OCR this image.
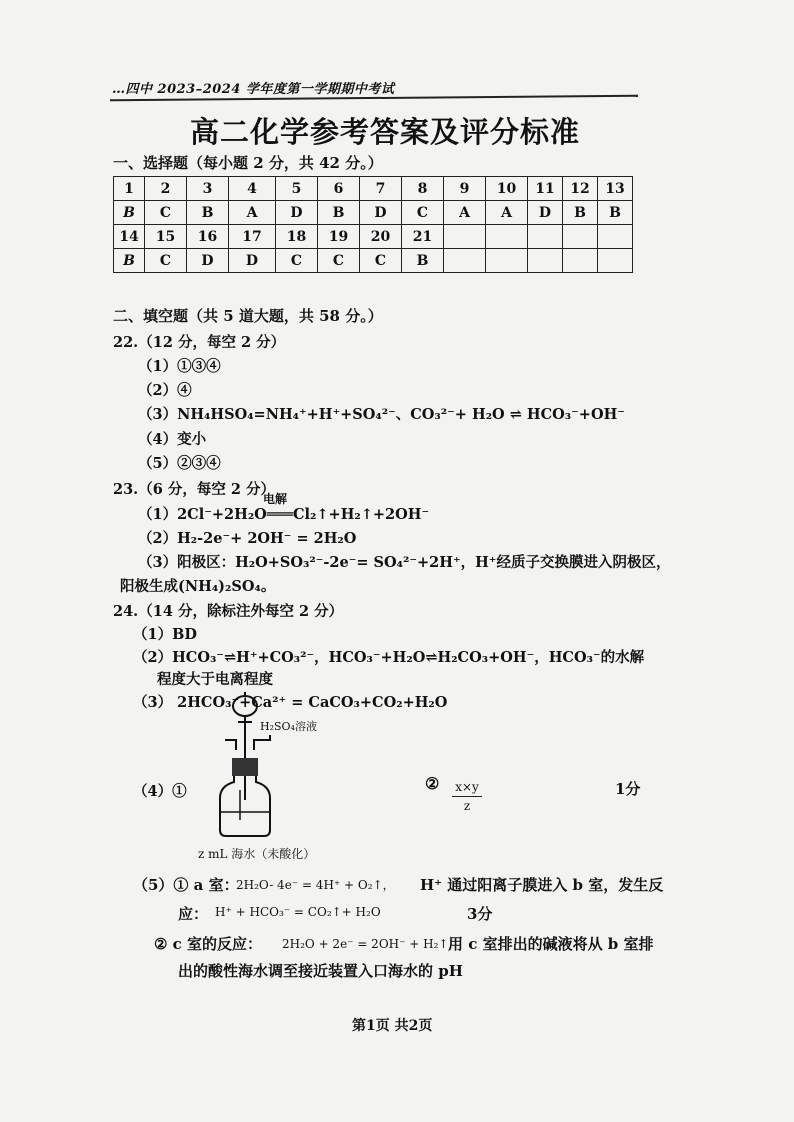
…四中 2023–2024 学年度第一学期期中考试
高二化学参考答案及评分标准
一、选择题（每小题 2 分，共 42 分。）
1	2	3	4	5	6	7	8	9	10	11	12	13
B	C	B	A	D	B	D	C	A	A	D	B	B
14	15	16	17	18	19	20	21					
B	C	D	D	C	C	C	B					
二、填空题（共 5 道大题，共 58 分。）
22.（12 分，每空 2 分）
（1）①③④
（2）④
（3）NH₄HSO₄=NH₄⁺+H⁺+SO₄²⁻、CO₃²⁻+ H₂O ⇌ HCO₃⁻+OH⁻
（4）变小
（5）②③④
23.（6 分，每空 2 分）
电解
（1）2Cl⁻+2H₂O═══Cl₂↑+H₂↑+2OH⁻
（2）H₂-2e⁻+ 2OH⁻ = 2H₂O
（3）阳极区：H₂O+SO₃²⁻-2e⁻= SO₄²⁻+2H⁺，H⁺经质子交换膜进入阴极区，
阳极生成(NH₄)₂SO₄。
24.（14 分，除标注外每空 2 分）
（1）BD
（2）HCO₃⁻⇌H⁺+CO₃²⁻，HCO₃⁻+H₂O⇌H₂CO₃+OH⁻，HCO₃⁻的水解
程度大于电离程度
（3） 2HCO₃⁻+Ca²⁺ = CaCO₃+CO₂+H₂O
（4）①
H₂SO₄溶液
z mL 海水（未酸化）
② x×y
z
1分
（5）① a 室：
2H₂O- 4e⁻ = 4H⁺ + O₂↑， H⁺ 通过阳离子膜进入 b 室，发生反
应： H⁺ + HCO₃⁻ = CO₂↑+ H₂O	3分
② c 室的反应： 2H₂O + 2e⁻ = 2OH⁻ + H₂↑，
用 c 室排出的碱液将从 b 室排
出的酸性海水调至接近装置入口海水的 pH
第1页 共2页
